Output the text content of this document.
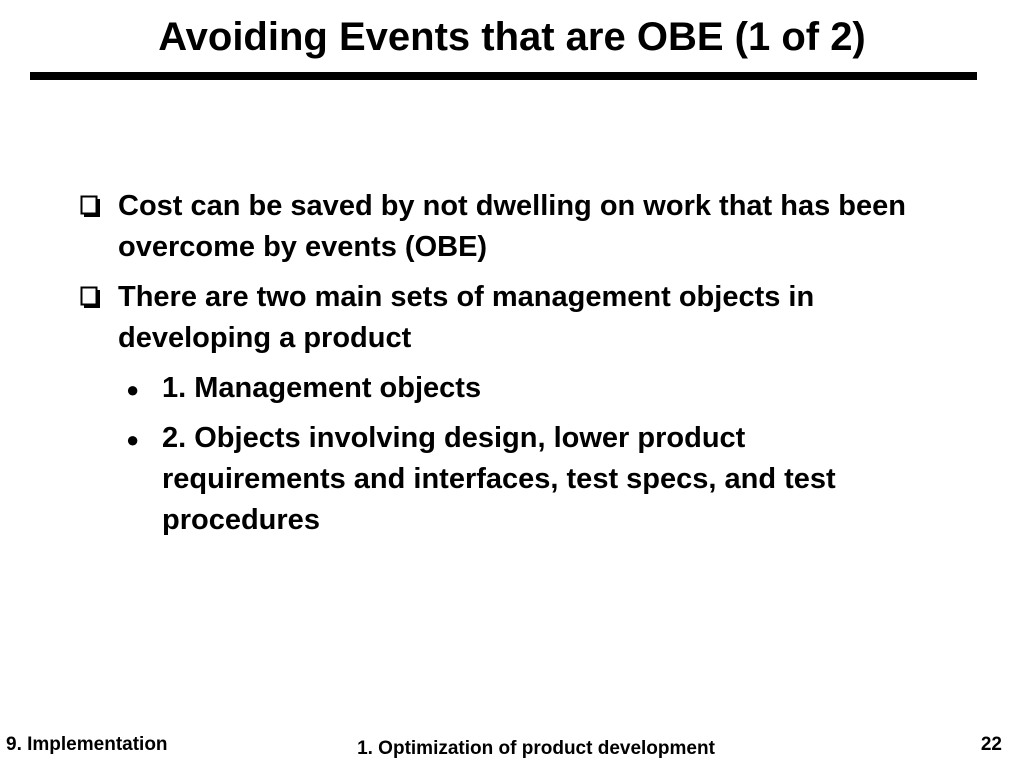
Avoiding Events that are OBE (1 of 2)
Cost can be saved by not dwelling on work that has been overcome by events (OBE)
There are two main sets of management objects in developing a product
● 1. Management objects
● 2. Objects involving design, lower product requirements and interfaces, test specs, and test procedures
9. Implementation	1. Optimization of product development	22
